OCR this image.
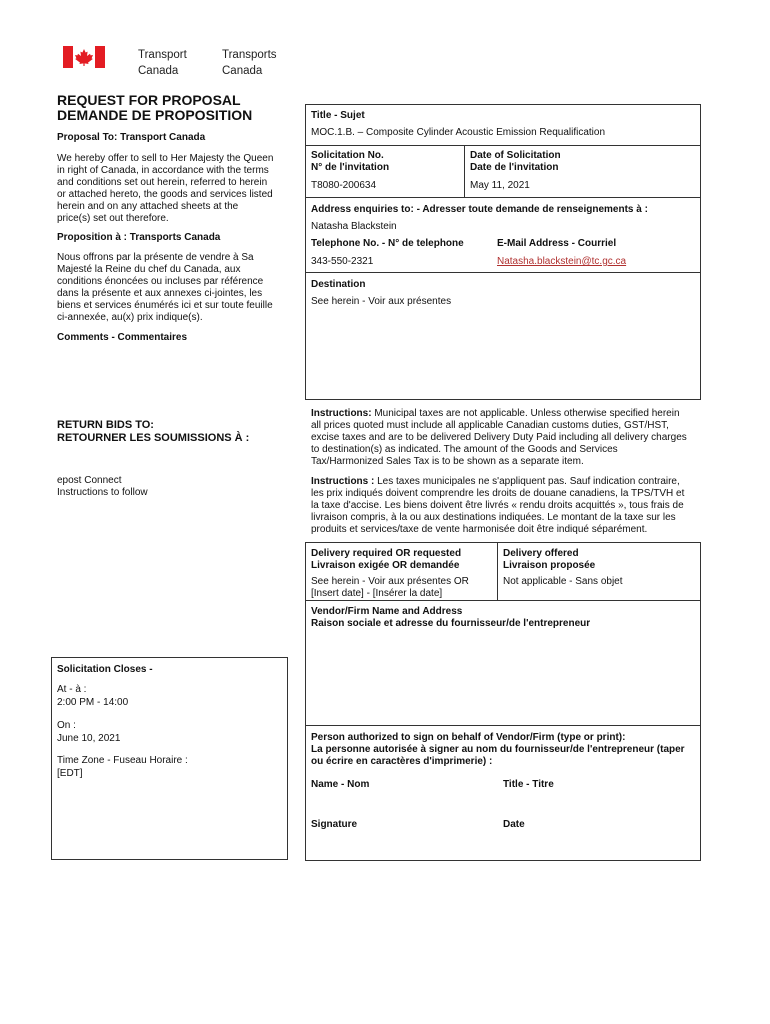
Transport
Canada
Transports
Canada
REQUEST FOR PROPOSAL
DEMANDE DE PROPOSITION
Proposal To: Transport Canada
We hereby offer to sell to Her Majesty the Queen
in right of Canada, in accordance with the terms
and conditions set out herein, referred to herein
or attached hereto, the goods and services listed
herein and on any attached sheets at the
price(s) set out therefore.
Proposition à : Transports Canada
Nous offrons par la présente de vendre à Sa
Majesté la Reine du chef du Canada, aux
conditions énoncées ou incluses par référence
dans la présente et aux annexes ci-jointes, les
biens et services énumérés ici et sur toute feuille
ci-annexée, au(x) prix indique(s).
Comments - Commentaires
RETURN BIDS TO:
RETOURNER LES SOUMISSIONS À :
epost Connect
Instructions to follow
Solicitation Closes -
At - à :
2:00 PM - 14:00
On :
June 10, 2021
Time Zone - Fuseau Horaire :
[EDT]
Title - Sujet
MOC.1.B. – Composite Cylinder Acoustic Emission Requalification
Solicitation No.
N° de l'invitation
T8080-200634
Date of Solicitation
Date de l'invitation
May 11, 2021
Address enquiries to: - Adresser toute demande de renseignements à :
Natasha Blackstein
Telephone No. - N° de telephone	E-Mail Address - Courriel
343-550-2321	Natasha.blackstein@tc.gc.ca
Destination
See herein - Voir aux présentes
Instructions: Municipal taxes are not applicable. Unless otherwise specified herein
all prices quoted must include all applicable Canadian customs duties, GST/HST,
excise taxes and are to be delivered Delivery Duty Paid including all delivery charges
to destination(s) as indicated. The amount of the Goods and Services
Tax/Harmonized Sales Tax is to be shown as a separate item.
Instructions : Les taxes municipales ne s'appliquent pas. Sauf indication contraire,
les prix indiqués doivent comprendre les droits de douane canadiens, la TPS/TVH et
la taxe d'accise. Les biens doivent être livrés « rendu droits acquittés », tous frais de
livraison compris, à la ou aux destinations indiquées. Le montant de la taxe sur les
produits et services/taxe de vente harmonisée doit être indiqué séparément.
Delivery required OR requested
Livraison exigée OR demandée
See herein - Voir aux présentes OR
[Insert date] - [Insérer la date]
Delivery offered
Livraison proposée
Not applicable - Sans objet
Vendor/Firm Name and Address
Raison sociale et adresse du fournisseur/de l'entrepreneur
Person authorized to sign on behalf of Vendor/Firm (type or print):
La personne autorisée à signer au nom du fournisseur/de l'entrepreneur (taper
ou écrire en caractères d'imprimerie) :
Name - Nom	Title - Titre
Signature	Date
